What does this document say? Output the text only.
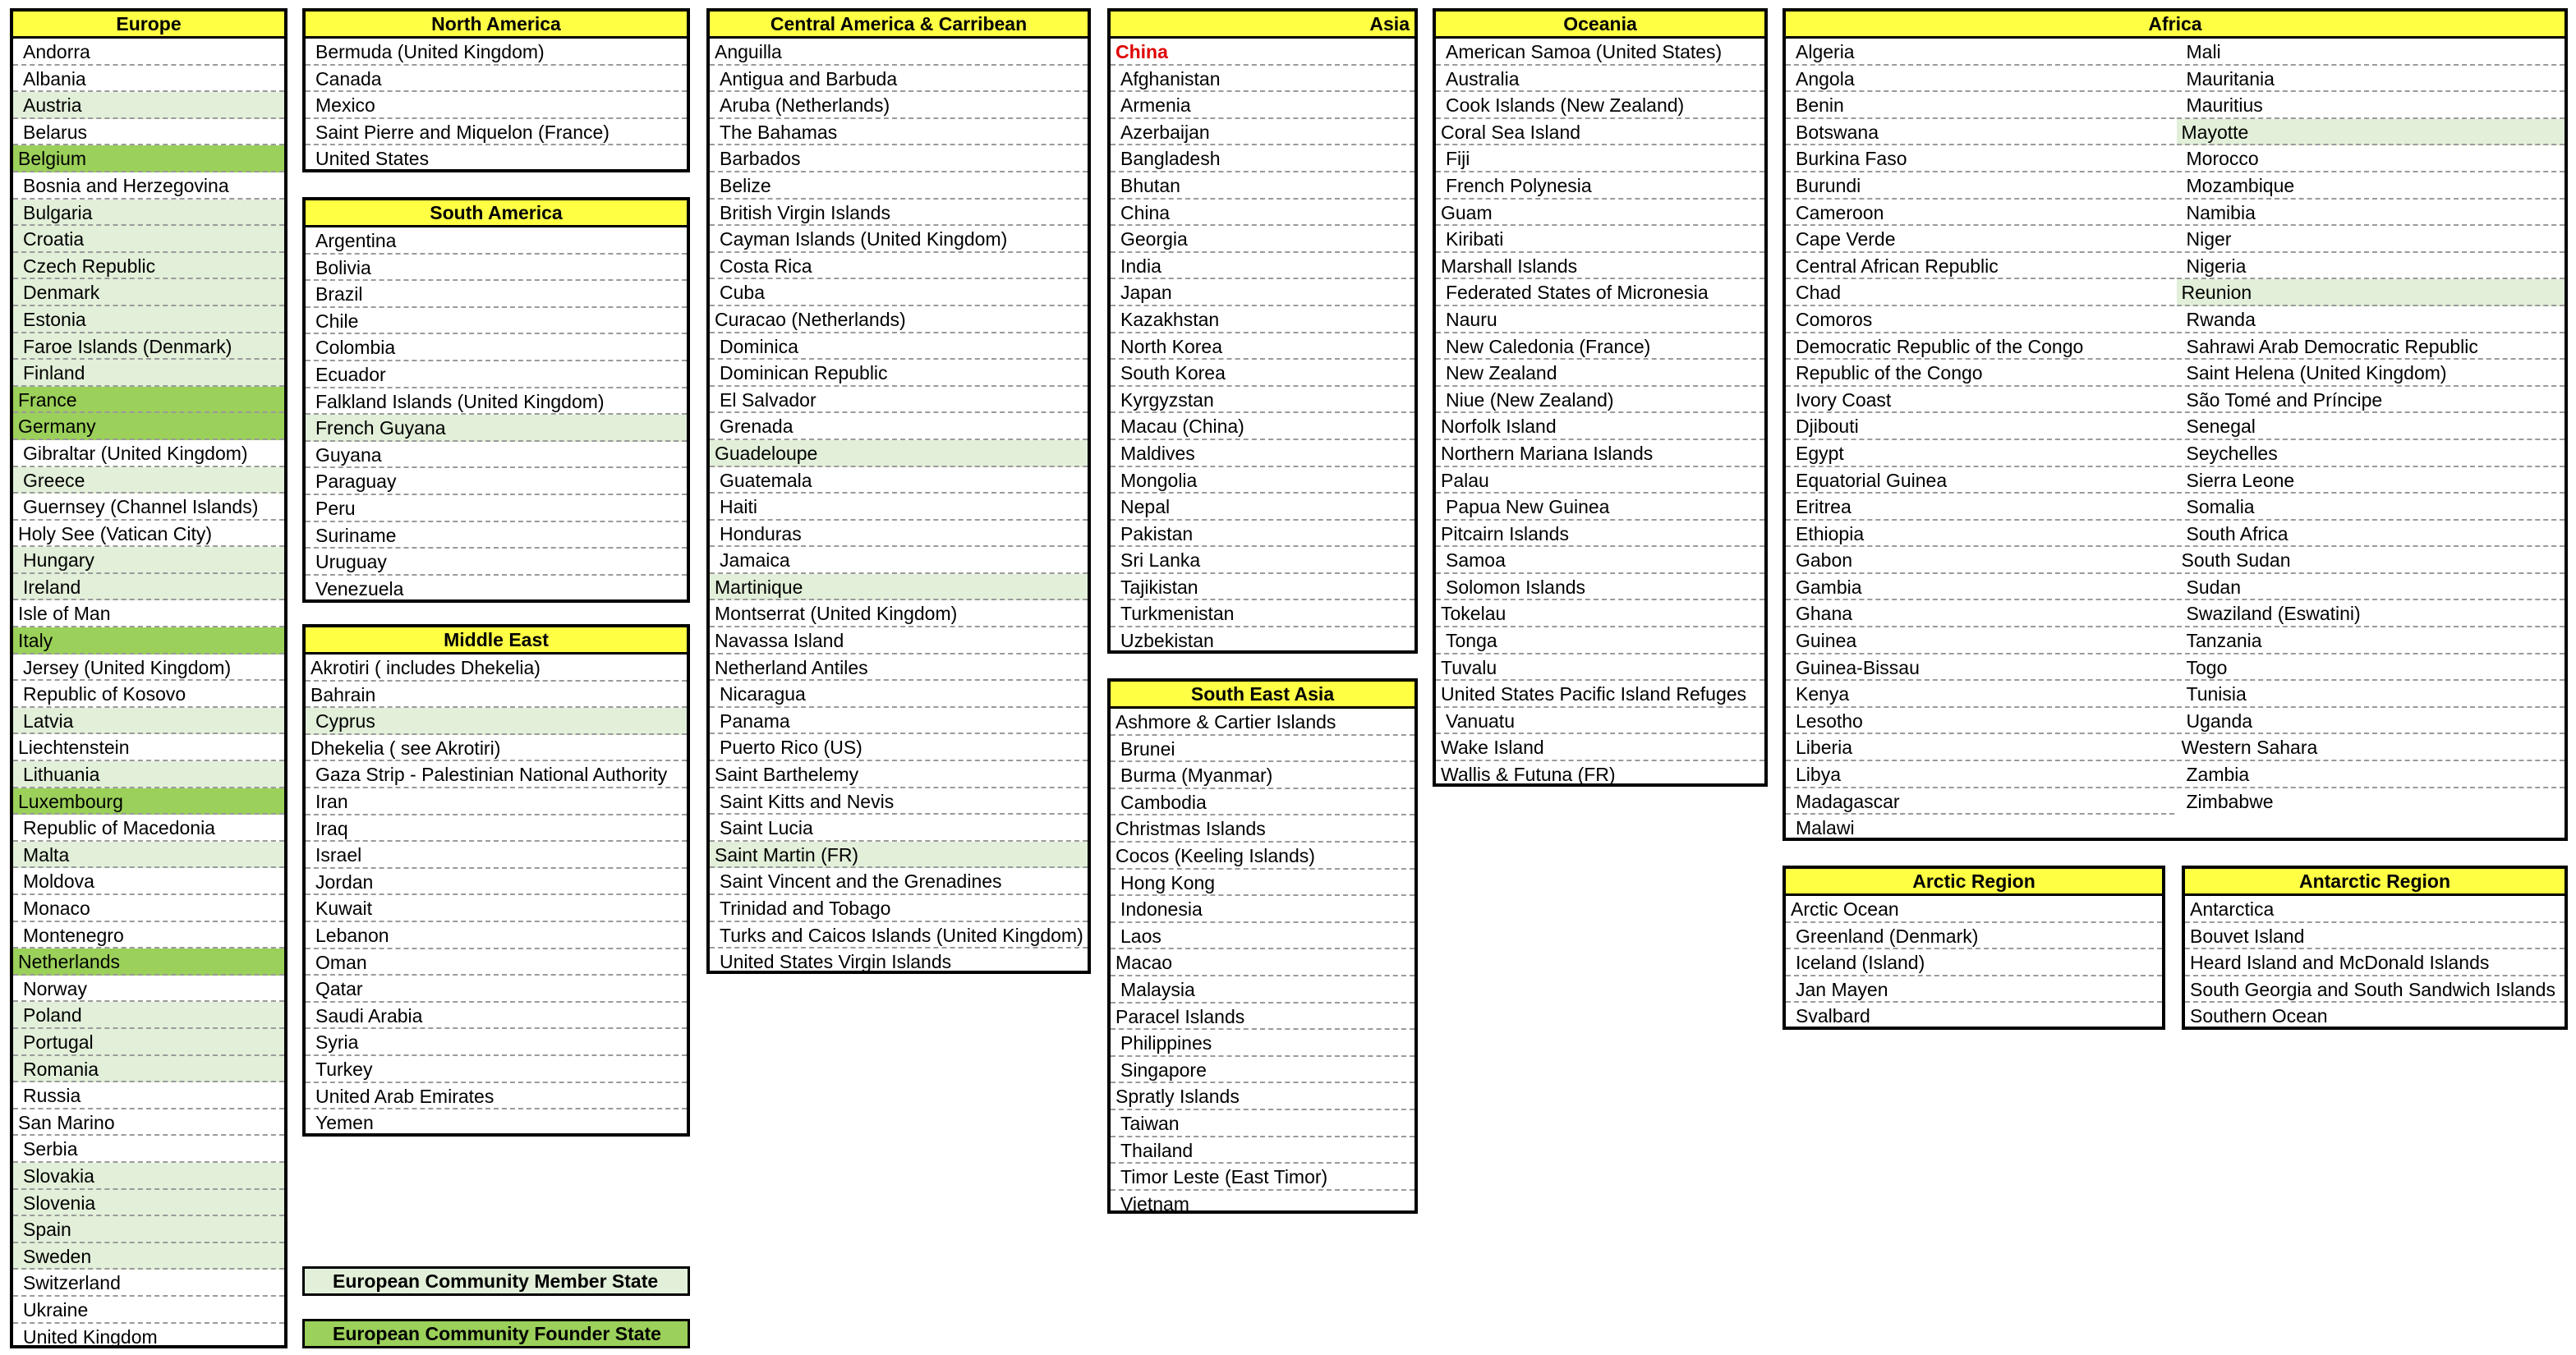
Europe
Andorra
Albania
Austria
Belarus
Belgium
Bosnia and Herzegovina
Bulgaria
Croatia
Czech Republic
Denmark
Estonia
Faroe Islands (Denmark)
Finland
France
Germany
Gibraltar (United Kingdom)
Greece
Guernsey (Channel Islands)
Holy See (Vatican City)
Hungary
Ireland
Isle of Man
Italy
Jersey (United Kingdom)
Republic of Kosovo
Latvia
Liechtenstein
Lithuania
Luxembourg
Republic of Macedonia
Malta
Moldova
Monaco
Montenegro
Netherlands
Norway
Poland
Portugal
Romania
Russia
San Marino
Serbia
Slovakia
Slovenia
Spain
Sweden
Switzerland
Ukraine
United Kingdom
North America
Bermuda (United Kingdom)
Canada
Mexico
Saint Pierre and Miquelon (France)
United States
South America
Argentina
Bolivia
Brazil
Chile
Colombia
Ecuador
Falkland Islands (United Kingdom)
French Guyana
Guyana
Paraguay
Peru
Suriname
Uruguay
Venezuela
Middle East
Akrotiri ( includes Dhekelia)
Bahrain
Cyprus
Dhekelia ( see Akrotiri)
Gaza Strip - Palestinian National Authority
Iran
Iraq
Israel
Jordan
Kuwait
Lebanon
Oman
Qatar
Saudi Arabia
Syria
Turkey
United Arab Emirates
Yemen
European Community Member State
European Community Founder State
Central America & Carribean
Anguilla
Antigua and Barbuda
Aruba (Netherlands)
The Bahamas
Barbados
Belize
British Virgin Islands
Cayman Islands (United Kingdom)
Costa Rica
Cuba
Curacao (Netherlands)
Dominica
Dominican Republic
El Salvador
Grenada
Guadeloupe
Guatemala
Haiti
Honduras
Jamaica
Martinique
Montserrat (United Kingdom)
Navassa Island
Netherland Antiles
Nicaragua
Panama
Puerto Rico (US)
Saint Barthelemy
Saint Kitts and Nevis
Saint Lucia
Saint Martin (FR)
Saint Vincent and the Grenadines
Trinidad and Tobago
Turks and Caicos Islands (United Kingdom)
United States Virgin Islands
Asia
China
Afghanistan
Armenia
Azerbaijan
Bangladesh
Bhutan
China
Georgia
India
Japan
Kazakhstan
North Korea
South Korea
Kyrgyzstan
Macau (China)
Maldives
Mongolia
Nepal
Pakistan
Sri Lanka
Tajikistan
Turkmenistan
Uzbekistan
South East Asia
Ashmore & Cartier Islands
Brunei
Burma (Myanmar)
Cambodia
Christmas Islands
Cocos (Keeling Islands)
Hong Kong
Indonesia
Laos
Macao
Malaysia
Paracel Islands
Philippines
Singapore
Spratly Islands
Taiwan
Thailand
Timor Leste (East Timor)
Vietnam
Oceania
American Samoa (United States)
Australia
Cook Islands (New Zealand)
Coral Sea Island
Fiji
French Polynesia
Guam
Kiribati
Marshall Islands
Federated States of Micronesia
Nauru
New Caledonia (France)
New Zealand
Niue (New Zealand)
Norfolk Island
Northern Mariana Islands
Palau
Papua New Guinea
Pitcairn Islands
Samoa
Solomon Islands
Tokelau
Tonga
Tuvalu
United States Pacific Island Refuges
Vanuatu
Wake Island
Wallis & Futuna (FR)
Africa
Algeria
Angola
Benin
Botswana
Burkina Faso
Burundi
Cameroon
Cape Verde
Central African Republic
Chad
Comoros
Democratic Republic of the Congo
Republic of the Congo
Ivory Coast
Djibouti
Egypt
Equatorial Guinea
Eritrea
Ethiopia
Gabon
Gambia
Ghana
Guinea
Guinea-Bissau
Kenya
Lesotho
Liberia
Libya
Madagascar
Malawi
Mali
Mauritania
Mauritius
Mayotte
Morocco
Mozambique
Namibia
Niger
Nigeria
Reunion
Rwanda
Sahrawi Arab Democratic Republic
Saint Helena (United Kingdom)
São Tomé and Príncipe
Senegal
Seychelles
Sierra Leone
Somalia
South Africa
South Sudan
Sudan
Swaziland (Eswatini)
Tanzania
Togo
Tunisia
Uganda
Western Sahara
Zambia
Zimbabwe
Arctic Region
Arctic Ocean
Greenland (Denmark)
Iceland (Island)
Jan Mayen
Svalbard
Antarctic Region
Antarctica
Bouvet Island
Heard Island and McDonald Islands
South Georgia and South Sandwich Islands
Southern Ocean
